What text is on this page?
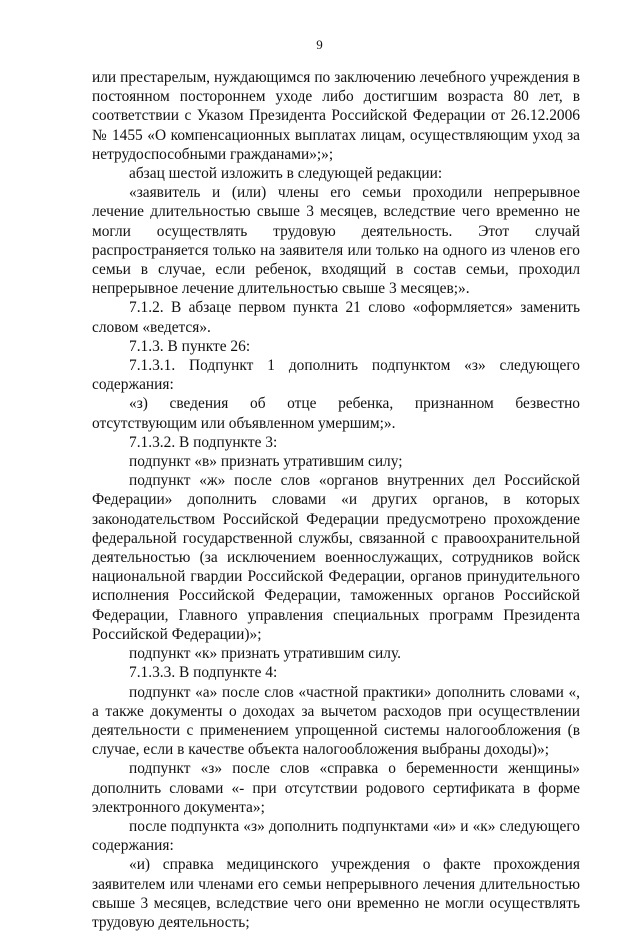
9

или престарелым, нуждающимся по заключению лечебного учреждения в постоянном постороннем уходе либо достигшим возраста 80 лет, в соответствии с Указом Президента Российской Федерации от 26.12.2006 № 1455 «О компенсационных выплатах лицам, осуществляющим уход за нетрудоспособными гражданами»;»;

абзац шестой изложить в следующей редакции:

«заявитель и (или) члены его семьи проходили непрерывное лечение длительностью свыше 3 месяцев, вследствие чего временно не могли осуществлять трудовую деятельность. Этот случай распространяется только на заявителя или только на одного из членов его семьи в случае, если ребенок, входящий в состав семьи, проходил непрерывное лечение длительностью свыше 3 месяцев;».

7.1.2. В абзаце первом пункта 21 слово «оформляется» заменить словом «ведется».

7.1.3. В пункте 26:

7.1.3.1. Подпункт 1 дополнить подпунктом «з» следующего содержания:

«з) сведения об отце ребенка, признанном безвестно отсутствующим или объявленном умершим;».

7.1.3.2. В подпункте 3:

подпункт «в» признать утратившим силу;

подпункт «ж» после слов «органов внутренних дел Российской Федерации» дополнить словами «и других органов, в которых законодательством Российской Федерации предусмотрено прохождение федеральной государственной службы, связанной с правоохранительной деятельностью (за исключением военнослужащих, сотрудников войск национальной гвардии Российской Федерации, органов принудительного исполнения Российской Федерации, таможенных органов Российской Федерации, Главного управления специальных программ Президента Российской Федерации)»;

подпункт «к» признать утратившим силу.

7.1.3.3. В подпункте 4:

подпункт «а» после слов «частной практики» дополнить словами «, а также документы о доходах за вычетом расходов при осуществлении деятельности с применением упрощенной системы налогообложения (в случае, если в качестве объекта налогообложения выбраны доходы)»;

подпункт «з» после слов «справка о беременности женщины» дополнить словами «- при отсутствии родового сертификата в форме электронного документа»;

после подпункта «з» дополнить подпунктами «и» и «к» следующего содержания:

«и) справка медицинского учреждения о факте прохождения заявителем или членами его семьи непрерывного лечения длительностью свыше 3 месяцев, вследствие чего они временно не могли осуществлять трудовую деятельность;
